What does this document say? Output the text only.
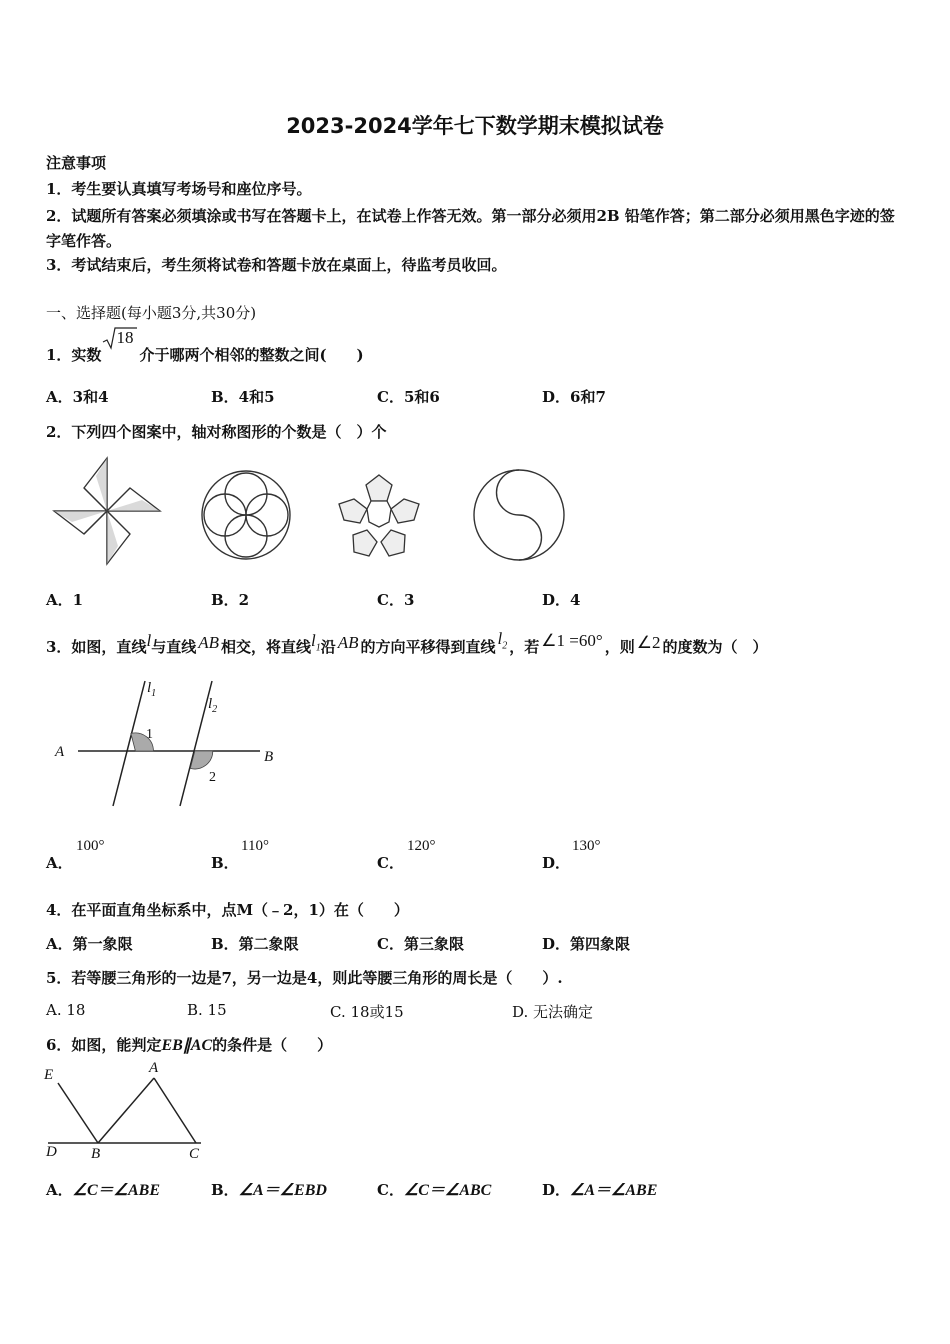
2023-2024学年七下数学期末模拟试卷
注意事项
1．考生要认真填写考场号和座位序号。
2．试题所有答案必须填涂或书写在答题卡上，在试卷上作答无效。第一部分必须用2B 铅笔作答；第二部分必须用黑色字迹的签字笔作答。
3．考试结束后，考生须将试卷和答题卡放在桌面上，待监考员收回。
一、选择题(每小题3分,共30分)
1．实数
18
介于哪两个相邻的整数之间(　　)
A．3和4	B．4和5	C．5和6	D．6和7
2．下列四个图案中，轴对称图形的个数是（　）个
A．1	B．2	C．3	D．4
3．如图，直线l与直线 AB 相交，将直线$l_1$沿 AB 的方向平移得到直线 $l_2$ ，若 ∠1 =60° ，则 ∠2 的度数为（　）
A	B
$l_1$
$l_2$
1
2
A．
100°
B．
110°
C．
120°
D．
130°
4．在平面直角坐标系中，点M（﹣2，1）在（　　）
A．第一象限	B．第二象限	C．第三象限	D．第四象限
5．若等腰三角形的一边是7，另一边是4，则此等腰三角形的周长是（　　）.
A. 18	B. 15	C. 18或15	D. 无法确定
6．如图，能判定EB∥AC的条件是（　　）
E	A
D B	C
A．∠C＝∠ABE	B．∠A＝∠EBD	C．∠C＝∠ABC	D．∠A＝∠ABE
